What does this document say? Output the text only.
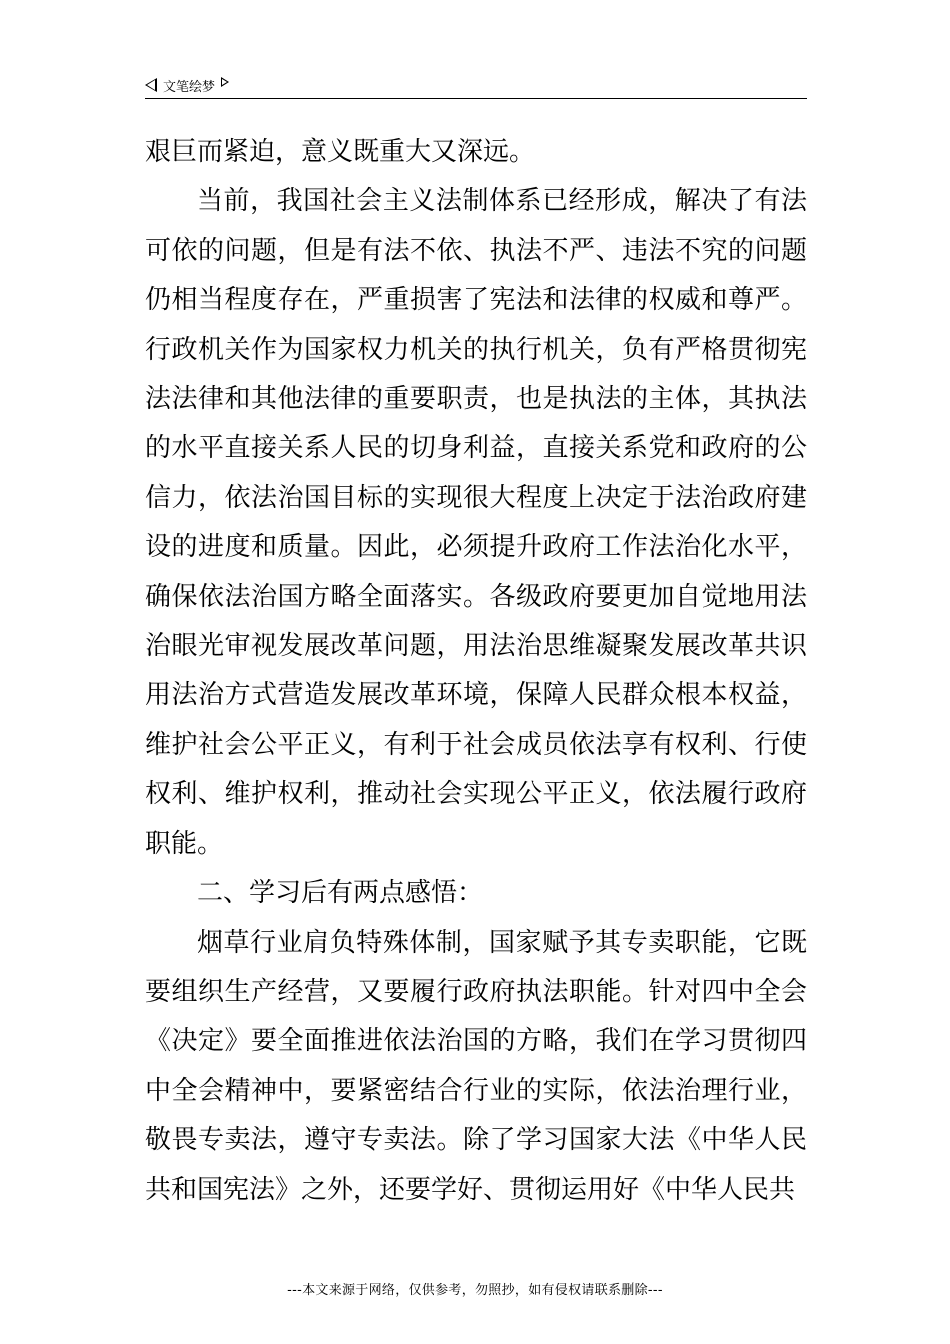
文笔绘梦

艰巨而紧迫，意义既重大又深远。

当前，我国社会主义法制体系已经形成，解决了有法可依的问题，但是有法不依、执法不严、违法不究的问题仍相当程度存在，严重损害了宪法和法律的权威和尊严。行政机关作为国家权力机关的执行机关，负有严格贯彻宪法法律和其他法律的重要职责，也是执法的主体，其执法的水平直接关系人民的切身利益，直接关系党和政府的公信力，依法治国目标的实现很大程度上决定于法治政府建设的进度和质量。因此，必须提升政府工作法治化水平，确保依法治国方略全面落实。各级政府要更加自觉地用法治眼光审视发展改革问题，用法治思维凝聚发展改革共识用法治方式营造发展改革环境，保障人民群众根本权益，维护社会公平正义，有利于社会成员依法享有权利、行使权利、维护权利，推动社会实现公平正义，依法履行政府职能。

二、学习后有两点感悟：

烟草行业肩负特殊体制，国家赋予其专卖职能，它既要组织生产经营，又要履行政府执法职能。针对四中全会《决定》要全面推进依法治国的方略，我们在学习贯彻四中全会精神中，要紧密结合行业的实际，依法治理行业，敬畏专卖法，遵守专卖法。除了学习国家大法《中华人民共和国宪法》之外，还要学好、贯彻运用好《中华人民共

---本文来源于网络，仅供参考，勿照抄，如有侵权请联系删除---
